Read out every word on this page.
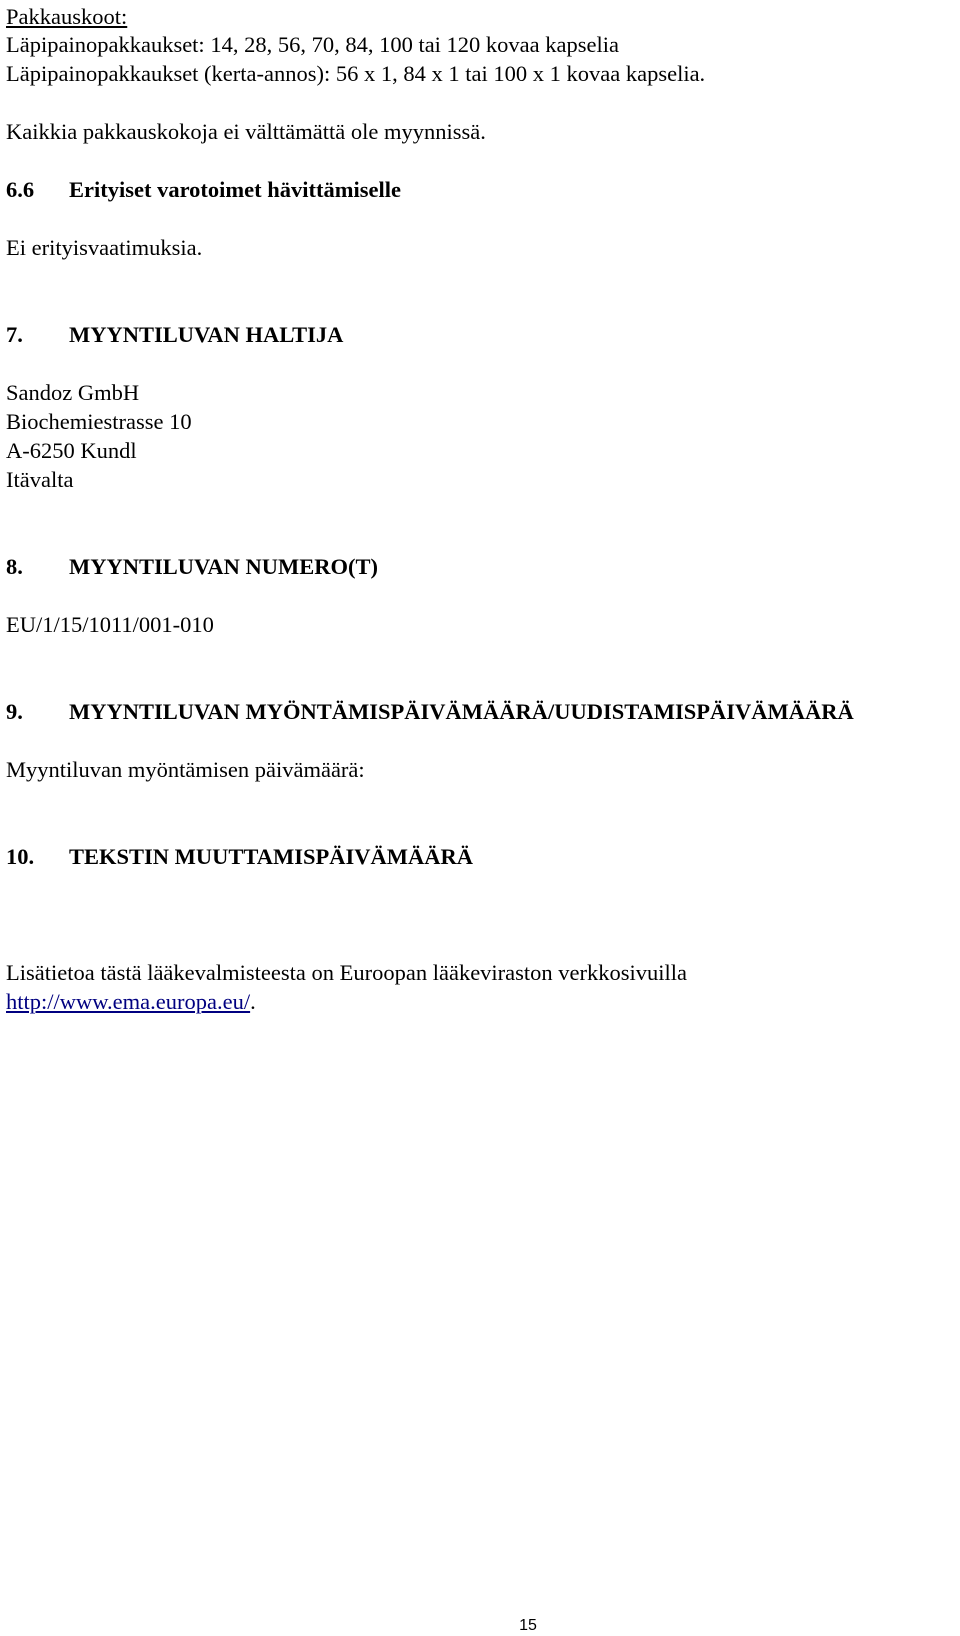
Pakkauskoot:

Läpipainopakkaukset: 14, 28, 56, 70, 84, 100 tai 120 kovaa kapselia

Läpipainopakkaukset (kerta-annos): 56 x 1, 84 x 1 tai 100 x 1 kovaa kapselia.

Kaikkia pakkauskokoja ei välttämättä ole myynnissä.

6.6 Erityiset varotoimet hävittämiselle

Ei erityisvaatimuksia.

7. MYYNTILUVAN HALTIJA

Sandoz GmbH

Biochemiestrasse 10

A-6250 Kundl

Itävalta

8. MYYNTILUVAN NUMERO(T)

EU/1/15/1011/001-010

9. MYYNTILUVAN MYÖNTÄMISPÄIVÄMÄÄRÄ/UUDISTAMISPÄIVÄMÄÄRÄ

Myyntiluvan myöntämisen päivämäärä:

10. TEKSTIN MUUTTAMISPÄIVÄMÄÄRÄ

Lisätietoa tästä lääkevalmisteesta on Euroopan lääkeviraston verkkosivuilla

http://www.ema.europa.eu/.

15
